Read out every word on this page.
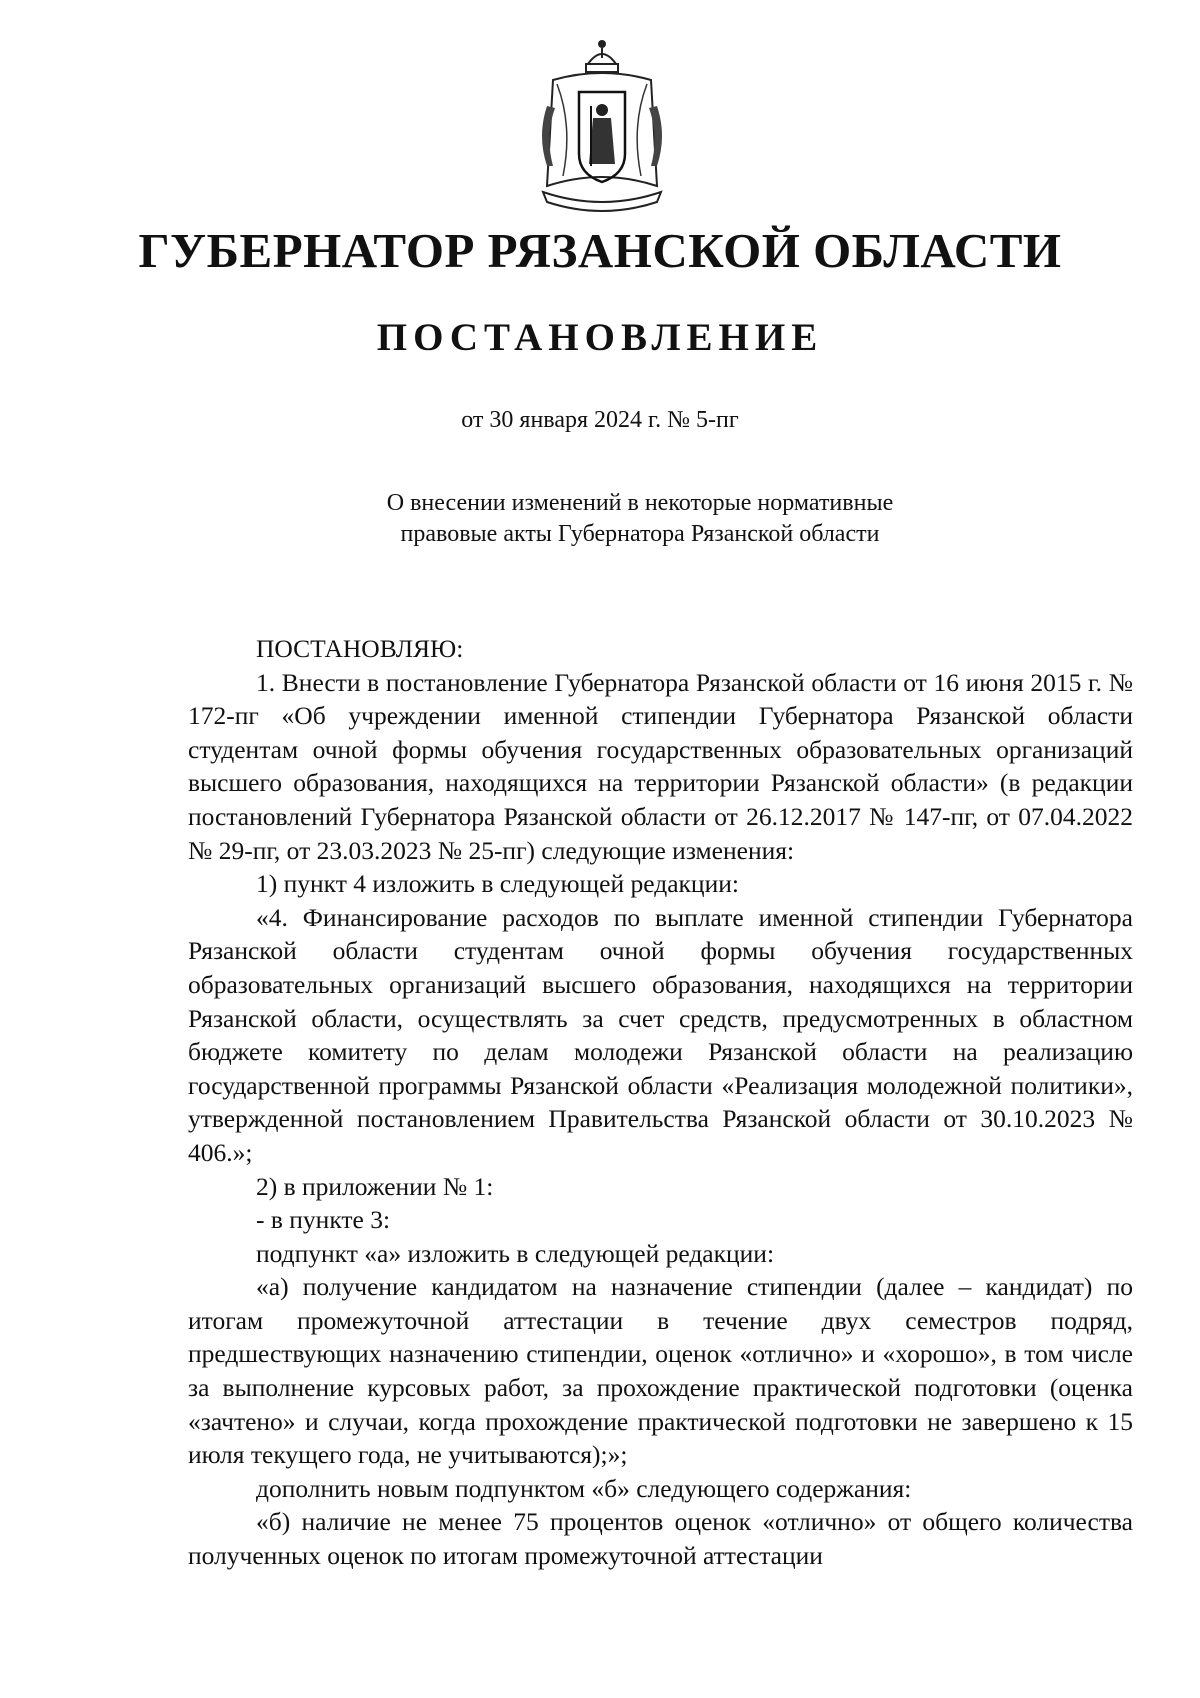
ГУБЕРНАТОР РЯЗАНСКОЙ ОБЛАСТИ
ПОСТАНОВЛЕНИЕ
от 30 января 2024 г. № 5-пг
О внесении изменений в некоторые нормативные
правовые акты Губернатора Рязанской области

ПОСТАНОВЛЯЮ:

1. Внести в постановление Губернатора Рязанской области от 16 июня 2015 г. № 172-пг «Об учреждении именной стипендии Губернатора Рязанской области студентам очной формы обучения государственных образовательных организаций высшего образования, находящихся на территории Рязанской области» (в редакции постановлений Губернатора Рязанской области от 26.12.2017 № 147-пг, от 07.04.2022 № 29-пг, от 23.03.2023 № 25-пг) следующие изменения:

1) пункт 4 изложить в следующей редакции:

«4. Финансирование расходов по выплате именной стипендии Губернатора Рязанской области студентам очной формы обучения государственных образовательных организаций высшего образования, находящихся на территории Рязанской области, осуществлять за счет средств, предусмотренных в областном бюджете комитету по делам молодежи Рязанской области на реализацию государственной программы Рязанской области «Реализация молодежной политики», утвержденной постановлением Правительства Рязанской области от 30.10.2023 № 406.»;

2) в приложении № 1:

- в пункте 3:

подпункт «а» изложить в следующей редакции:

«а) получение кандидатом на назначение стипендии (далее – кандидат) по итогам промежуточной аттестации в течение двух семестров подряд, предшествующих назначению стипендии, оценок «отлично» и «хорошо», в том числе за выполнение курсовых работ, за прохождение практической подготовки (оценка «зачтено» и случаи, когда прохождение практической подготовки не завершено к 15 июля текущего года, не учитываются);»;

дополнить новым подпунктом «б» следующего содержания:

«б) наличие не менее 75 процентов оценок «отлично» от общего количества полученных оценок по итогам промежуточной аттестации
